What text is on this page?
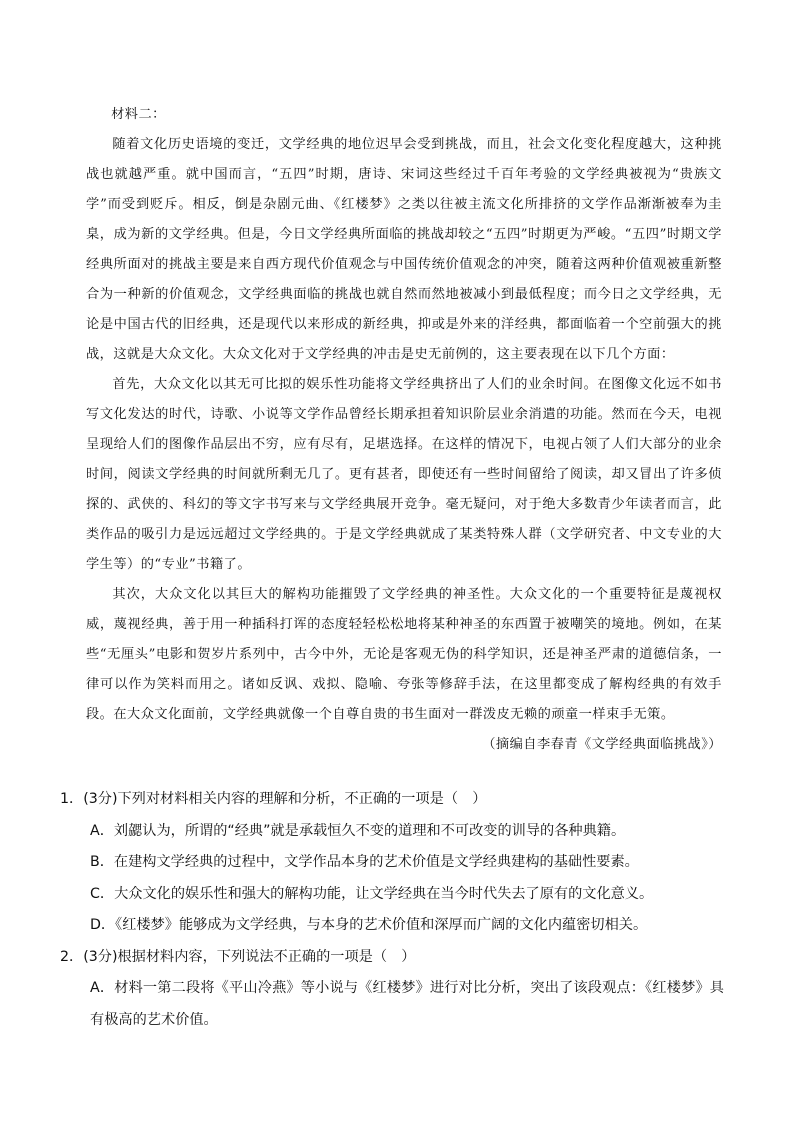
材料二：

随着文化历史语境的变迁，文学经典的地位迟早会受到挑战，而且，社会文化变化程度越大，这种挑战也就越严重。就中国而言，“五四”时期，唐诗、宋词这些经过千百年考验的文学经典被视为“贵族文学”而受到贬斥。相反，倒是杂剧元曲、《红楼梦》之类以往被主流文化所排挤的文学作品渐渐被奉为圭臬，成为新的文学经典。但是，今日文学经典所面临的挑战却较之“五四”时期更为严峻。“五四”时期文学经典所面对的挑战主要是来自西方现代价值观念与中国传统价值观念的冲突，随着这两种价值观被重新整合为一种新的价值观念，文学经典面临的挑战也就自然而然地被减小到最低程度；而今日之文学经典，无论是中国古代的旧经典，还是现代以来形成的新经典，抑或是外来的洋经典，都面临着一个空前强大的挑战，这就是大众文化。大众文化对于文学经典的冲击是史无前例的，这主要表现在以下几个方面：

首先，大众文化以其无可比拟的娱乐性功能将文学经典挤出了人们的业余时间。在图像文化远不如书写文化发达的时代，诗歌、小说等文学作品曾经长期承担着知识阶层业余消遣的功能。然而在今天，电视呈现给人们的图像作品层出不穷，应有尽有，足堪选择。在这样的情况下，电视占领了人们大部分的业余时间，阅读文学经典的时间就所剩无几了。更有甚者，即使还有一些时间留给了阅读，却又冒出了许多侦探的、武侠的、科幻的等文字书写来与文学经典展开竞争。毫无疑问，对于绝大多数青少年读者而言，此类作品的吸引力是远远超过文学经典的。于是文学经典就成了某类特殊人群（文学研究者、中文专业的大学生等）的“专业”书籍了。

其次，大众文化以其巨大的解构功能摧毁了文学经典的神圣性。大众文化的一个重要特征是蔑视权威，蔑视经典，善于用一种插科打诨的态度轻轻松松地将某种神圣的东西置于被嘲笑的境地。例如，在某些“无厘头”电影和贺岁片系列中，古今中外，无论是客观无伪的科学知识，还是神圣严肃的道德信条，一律可以作为笑料而用之。诸如反讽、戏拟、隐喻、夸张等修辞手法，在这里都变成了解构经典的有效手段。在大众文化面前，文学经典就像一个自尊自贵的书生面对一群泼皮无赖的顽童一样束手无策。

（摘编自李春青《文学经典面临挑战》）

1．(3分)下列对材料相关内容的理解和分析，不正确的一项是（　）

A．刘勰认为，所谓的“经典”就是承载恒久不变的道理和不可改变的训导的各种典籍。

B．在建构文学经典的过程中，文学作品本身的艺术价值是文学经典建构的基础性要素。

C．大众文化的娱乐性和强大的解构功能，让文学经典在当今时代失去了原有的文化意义。

D．《红楼梦》能够成为文学经典，与本身的艺术价值和深厚而广阔的文化内蕴密切相关。

2．(3分)根据材料内容，下列说法不正确的一项是（　）

A．材料一第二段将《平山冷燕》等小说与《红楼梦》进行对比分析，突出了该段观点：《红楼梦》具有极高的艺术价值。
